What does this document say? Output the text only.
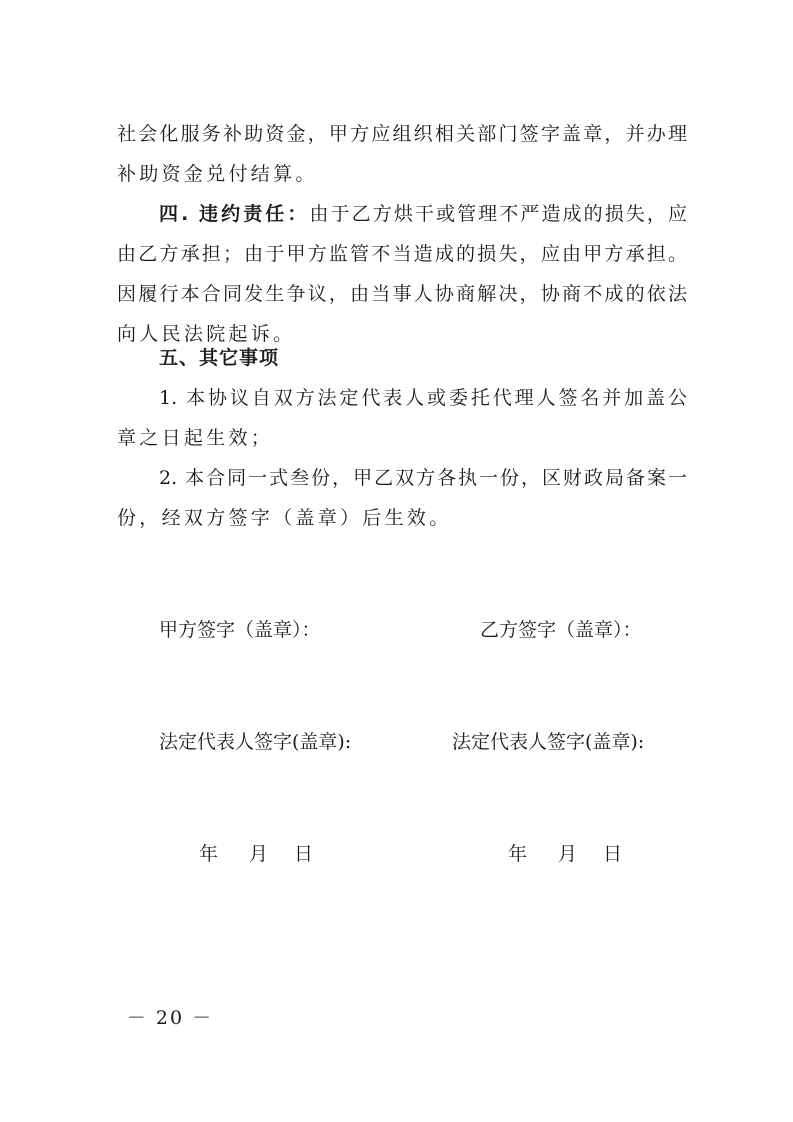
社会化服务补助资金，甲方应组织相关部门签字盖章，并办理
补助资金兑付结算。
四. 违约责任：由于乙方烘干或管理不严造成的损失，应
由乙方承担；由于甲方监管不当造成的损失，应由甲方承担。
因履行本合同发生争议，由当事人协商解决，协商不成的依法
向人民法院起诉。
五、其它事项
1. 本协议自双方法定代表人或委托代理人签名并加盖公
章之日起生效；
2. 本合同一式叁份，甲乙双方各执一份，区财政局备案一
份，经双方签字（盖章）后生效。
甲方签字（盖章）：	乙方签字（盖章）：
法定代表人签字(盖章):	法定代表人签字(盖章):
年 月 日	年 月 日
－ 20 －
